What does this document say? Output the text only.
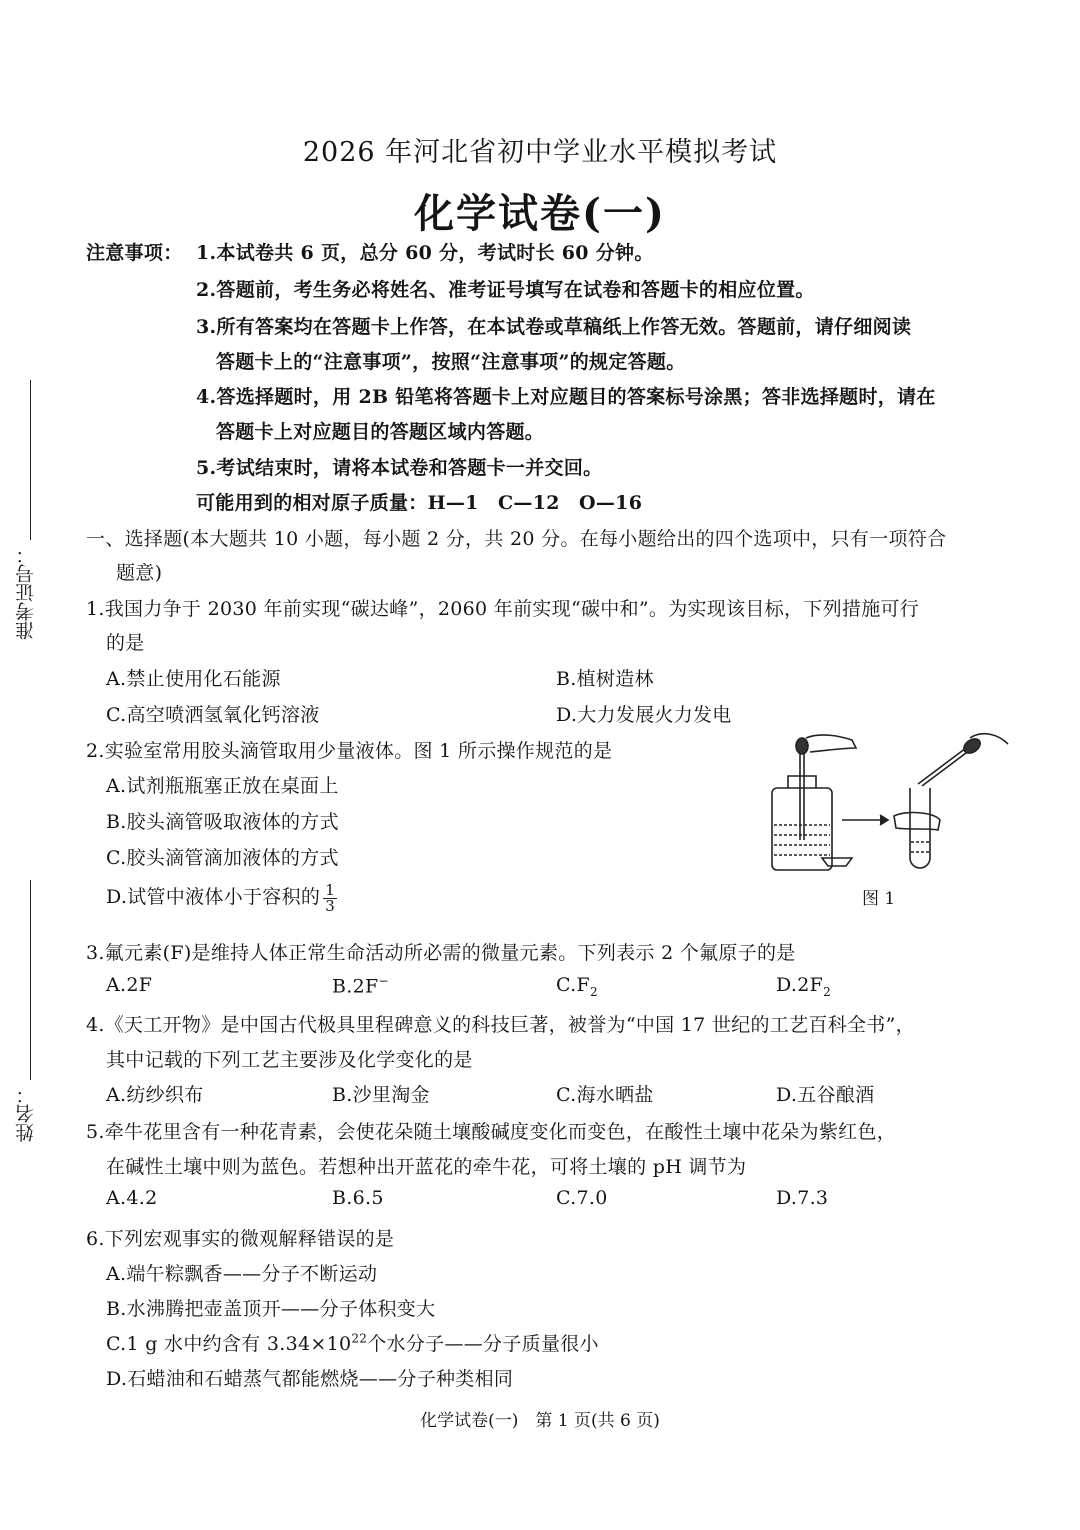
2026 年河北省初中学业水平模拟考试
化学试卷(一)
注意事项： 1.本试卷共 6 页，总分 60 分，考试时长 60 分钟。
2.答题前，考生务必将姓名、准考证号填写在试卷和答题卡的相应位置。
3.所有答案均在答题卡上作答，在本试卷或草稿纸上作答无效。答题前，请仔细阅读
答题卡上的“注意事项”，按照“注意事项”的规定答题。
4.答选择题时，用 2B 铅笔将答题卡上对应题目的答案标号涂黑；答非选择题时，请在
答题卡上对应题目的答题区域内答题。
5.考试结束时，请将本试卷和答题卡一并交回。
可能用到的相对原子质量：H—1　C—12　O—16
准考证号：
姓名：
一、选择题(本大题共 10 小题，每小题 2 分，共 20 分。在每小题给出的四个选项中，只有一项符合
题意)
1.我国力争于 2030 年前实现“碳达峰”，2060 年前实现“碳中和”。为实现该目标，下列措施可行
的是
A.禁止使用化石能源	B.植树造林
C.高空喷洒氢氧化钙溶液	D.大力发展火力发电
2.实验室常用胶头滴管取用少量液体。图 1 所示操作规范的是
A.试剂瓶瓶塞正放在桌面上
B.胶头滴管吸取液体的方式
C.胶头滴管滴加液体的方式
D.试管中液体小于容积的 $\frac{1}{3}$	图 1
3.氟元素(F)是维持人体正常生命活动所必需的微量元素。下列表示 2 个氟原子的是
A.2F	B.2F−	$C.F_2$	$D.2F_2$
4.《天工开物》是中国古代极具里程碑意义的科技巨著，被誉为“中国 17 世纪的工艺百科全书”，
其中记载的下列工艺主要涉及化学变化的是
A.纺纱织布	B.沙里淘金	C.海水晒盐	D.五谷酿酒
5.牵牛花里含有一种花青素，会使花朵随土壤酸碱度变化而变色，在酸性土壤中花朵为紫红色，
在碱性土壤中则为蓝色。若想种出开蓝花的牵牛花，可将土壤的 pH 调节为
A.4.2	B.6.5	C.7.0	D.7.3
6.下列宏观事实的微观解释错误的是
A.端午粽飘香——分子不断运动
B.水沸腾把壶盖顶开——分子体积变大
C.1 g 水中约含有 $3.34\times 10^{22}$个水分子——分子质量很小
D.石蜡油和石蜡蒸气都能燃烧——分子种类相同
化学试卷(一)　第 1 页(共 6 页)
